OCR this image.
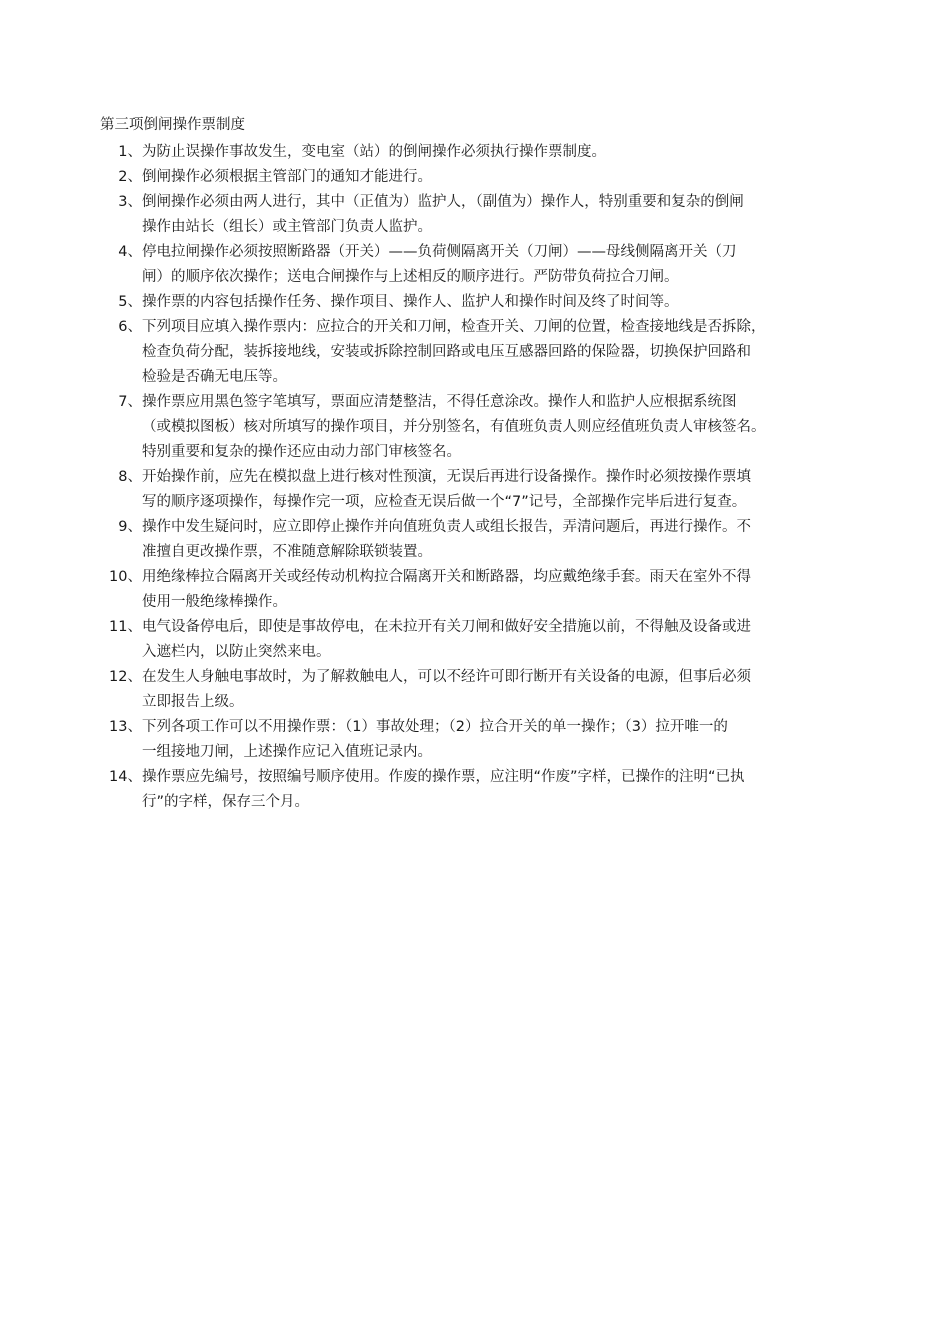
第三项倒闸操作票制度
1、 为防止误操作事故发生，变电室（站）的倒闸操作必须执行操作票制度。
2、 倒闸操作必须根据主管部门的通知才能进行。
3、 倒闸操作必须由两人进行，其中（正值为）监护人，（副值为）操作人，特别重要和复杂的倒闸
操作由站长（组长）或主管部门负责人监护。
4、 停电拉闸操作必须按照断路器（开关）——负荷侧隔离开关（刀闸）——母线侧隔离开关（刀
闸）的顺序依次操作；送电合闸操作与上述相反的顺序进行。严防带负荷拉合刀闸。
5、 操作票的内容包括操作任务、操作项目、操作人、监护人和操作时间及终了时间等。
6、 下列项目应填入操作票内：应拉合的开关和刀闸，检查开关、刀闸的位置，检查接地线是否拆除，
检查负荷分配，装拆接地线，安装或拆除控制回路或电压互感器回路的保险器，切换保护回路和
检验是否确无电压等。
7、 操作票应用黑色签字笔填写，票面应清楚整洁，不得任意涂改。操作人和监护人应根据系统图
（或模拟图板）核对所填写的操作项目，并分别签名，有值班负责人则应经值班负责人审核签名。
特别重要和复杂的操作还应由动力部门审核签名。
8、 开始操作前，应先在模拟盘上进行核对性预演，无误后再进行设备操作。操作时必须按操作票填
写的顺序逐项操作，每操作完一项，应检查无误后做一个“7”记号，全部操作完毕后进行复查。
9、 操作中发生疑问时，应立即停止操作并向值班负责人或组长报告，弄清问题后，再进行操作。不
准擅自更改操作票，不准随意解除联锁装置。
10、 用绝缘棒拉合隔离开关或经传动机构拉合隔离开关和断路器，均应戴绝缘手套。雨天在室外不得
使用一般绝缘棒操作。
11、 电气设备停电后，即使是事故停电，在未拉开有关刀闸和做好安全措施以前，不得触及设备或进
入遮栏内，以防止突然来电。
12、 在发生人身触电事故时，为了解救触电人，可以不经许可即行断开有关设备的电源，但事后必须
立即报告上级。
13、 下列各项工作可以不用操作票：（1）事故处理；（2）拉合开关的单一操作；（3）拉开唯一的
一组接地刀闸，上述操作应记入值班记录内。
14、 操作票应先编号，按照编号顺序使用。作废的操作票，应注明“作废”字样，已操作的注明“已执
行”的字样，保存三个月。
